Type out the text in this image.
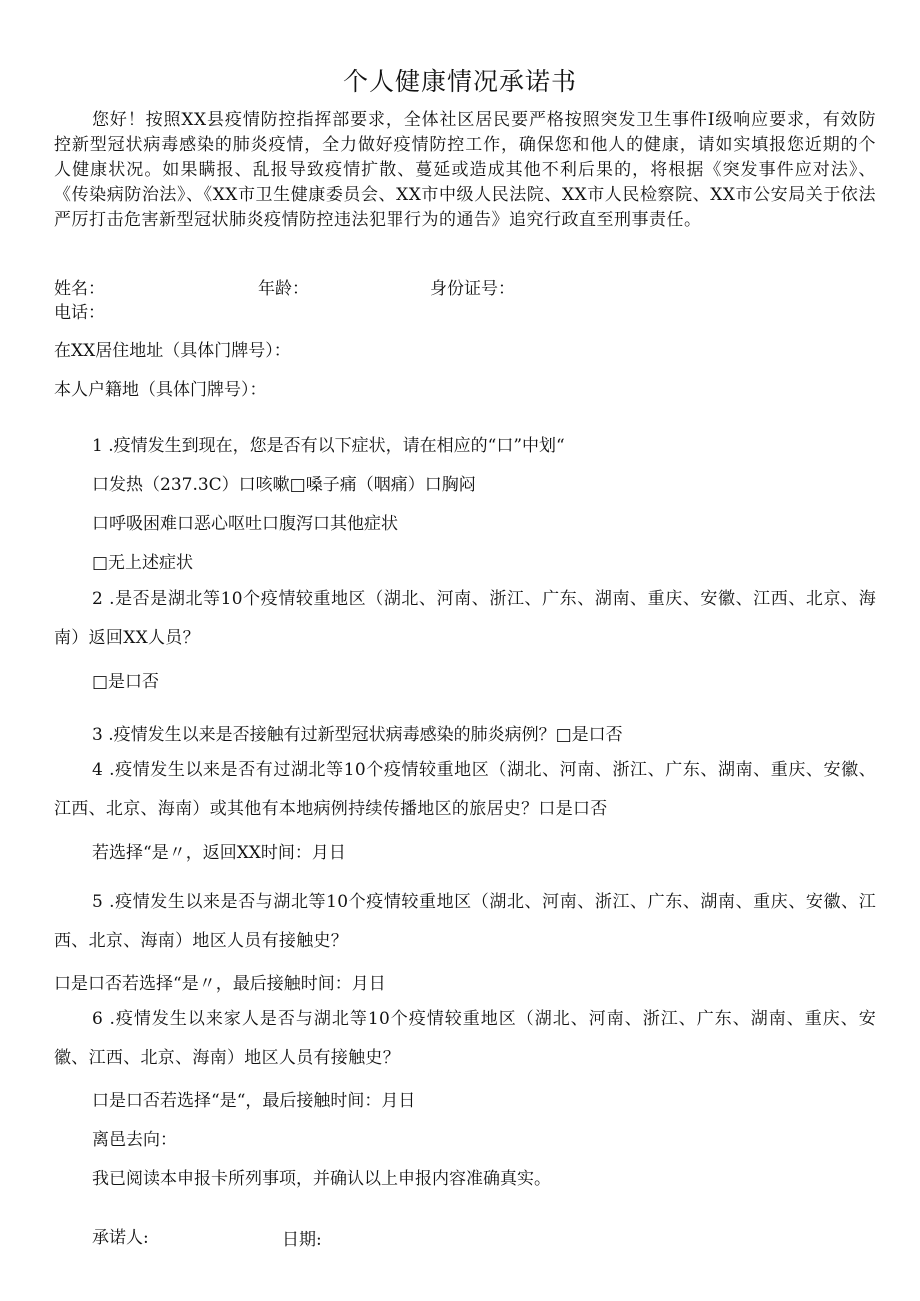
个人健康情况承诺书
您好！按照XX县疫情防控指挥部要求，全体社区居民要严格按照突发卫生事件I级响应要求，有效防控新型冠状病毒感染的肺炎疫情，全力做好疫情防控工作，确保您和他人的健康，请如实填报您近期的个人健康状况。如果瞒报、乱报导致疫情扩散、蔓延或造成其他不利后果的，将根据《突发事件应对法》、《传染病防治法》、《XX市卫生健康委员会、XX市中级人民法院、XX市人民检察院、XX市公安局关于依法严厉打击危害新型冠状肺炎疫情防控违法犯罪行为的通告》追究行政直至刑事责任。
姓名：	年龄：	身份证号：
电话：
在XX居住地址（具体门牌号）：
本人户籍地（具体门牌号）：
1 .疫情发生到现在，您是否有以下症状，请在相应的“口”中划“
口发热（237.3C）口咳嗽□嗓子痛（咽痛）口胸闷
口呼吸困难口恶心呕吐口腹泻口其他症状
□无上述症状
2 .是否是湖北等10个疫情较重地区（湖北、河南、浙江、广东、湖南、重庆、安徽、江西、北京、海南）返回XX人员？
□是口否
3 .疫情发生以来是否接触有过新型冠状病毒感染的肺炎病例？□是口否
4 .疫情发生以来是否有过湖北等10个疫情较重地区（湖北、河南、浙江、广东、湖南、重庆、安徽、江西、北京、海南）或其他有本地病例持续传播地区的旅居史？口是口否
若选择“是〃，返回XX时间：月日
5 .疫情发生以来是否与湖北等10个疫情较重地区（湖北、河南、浙江、广东、湖南、重庆、安徽、江西、北京、海南）地区人员有接触史？
口是口否若选择“是〃，最后接触时间：月日
6 .疫情发生以来家人是否与湖北等10个疫情较重地区（湖北、河南、浙江、广东、湖南、重庆、安徽、江西、北京、海南）地区人员有接触史？
口是口否若选择“是“，最后接触时间：月日
离邑去向：
我已阅读本申报卡所列事项，并确认以上申报内容准确真实。
承诺人:	日期:
